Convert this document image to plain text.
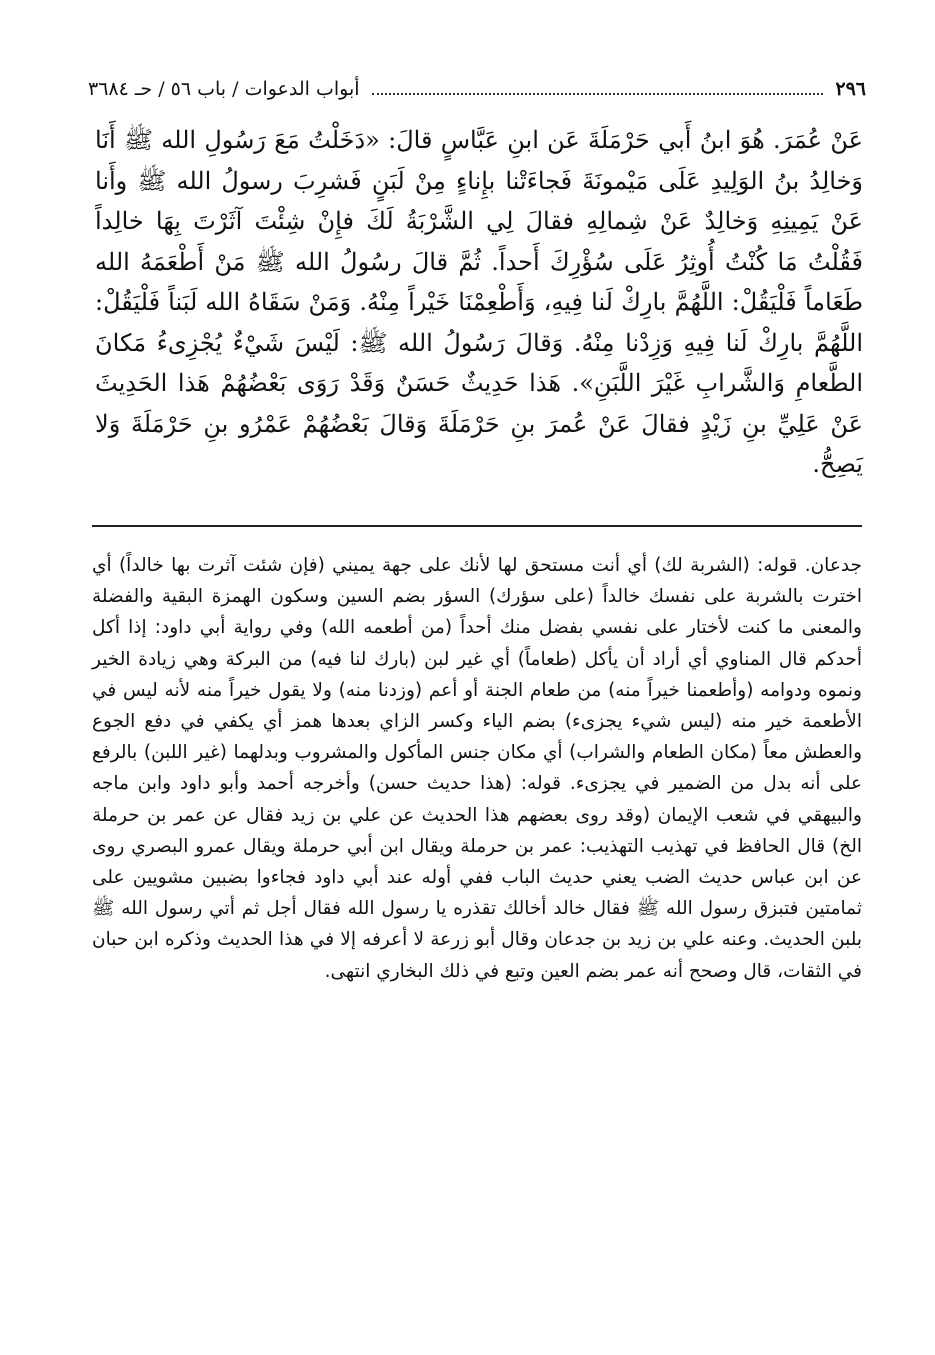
٢٩٦
أبواب الدعوات / باب ٥٦ / حـ ٣٦٨٤
عَنْ عُمَرَ. هُوَ ابنُ أَبي حَرْمَلَةَ عَن ابنِ عَبَّاسٍ قالَ: «دَخَلْتُ مَعَ رَسُولِ الله ﷺ أَنَا وَخالِدُ بنُ الوَلِيدِ عَلَى مَيْمونَةَ فَجاءَتْنا بإِناءٍ مِنْ لَبَنٍ فَشرِبَ رسولُ الله ﷺ وأَنا عَنْ يَمِينِهِ وَخالِدٌ عَنْ شِمالِهِ فقالَ لِي الشَّرْبَةُ لَكَ فإِنْ شِئْتَ آثَرْتَ بِهَا خالِداً فَقُلْتُ مَا كُنْتُ أُوثِرُ عَلَى سُؤْرِكَ أَحداً. ثُمَّ قالَ رسُولُ الله ﷺ مَنْ أَطْعَمَهُ الله طَعَاماً فَلْيَقُلْ: اللَّهُمَّ بارِكْ لَنا فِيهِ، وَأَطْعِمْنَا خَيْراً مِنْهُ. وَمَنْ سَقَاهُ الله لَبَناً فَلْيَقُلْ: اللَّهُمَّ بارِكْ لَنا فِيهِ وَزِدْنا مِنْهُ. وَقالَ رَسُولُ الله ﷺ: لَيْسَ شَيْءٌ يُجْزِىءُ مَكانَ الطَّعامِ وَالشَّرابِ غَيْرَ اللَّبَنِ». هَذا حَدِيثٌ حَسَنٌ وَقَدْ رَوَى بَعْضُهُمْ هَذا الحَدِيثَ عَنْ عَلِيِّ بنِ زَيْدٍ فقالَ عَنْ عُمرَ بنِ حَرْمَلَةَ وَقالَ بَعْضُهُمْ عَمْرُو بنِ حَرْمَلَةَ وَلا يَصِحُّ.
جدعان. قوله: (الشربة لك) أي أنت مستحق لها لأنك على جهة يميني (فإن شئت آثرت بها خالداً) أي اخترت بالشربة على نفسك خالداً (على سؤرك) السؤر بضم السين وسكون الهمزة البقية والفضلة والمعنى ما كنت لأختار على نفسي بفضل منك أحداً (من أطعمه الله) وفي رواية أبي داود: إذا أكل أحدكم قال المناوي أي أراد أن يأكل (طعاماً) أي غير لبن (بارك لنا فيه) من البركة وهي زيادة الخير ونموه ودوامه (وأطعمنا خيراً منه) من طعام الجنة أو أعم (وزدنا منه) ولا يقول خيراً منه لأنه ليس في الأطعمة خير منه (ليس شيء يجزىء) بضم الياء وكسر الزاي بعدها همز أي يكفي في دفع الجوع والعطش معاً (مكان الطعام والشراب) أي مكان جنس المأكول والمشروب وبدلهما (غير اللبن) بالرفع على أنه بدل من الضمير في يجزىء. قوله: (هذا حديث حسن) وأخرجه أحمد وأبو داود وابن ماجه والبيهقي في شعب الإيمان (وقد روى بعضهم هذا الحديث عن علي بن زيد فقال عن عمر بن حرملة الخ) قال الحافظ في تهذيب التهذيب: عمر بن حرملة ويقال ابن أبي حرملة ويقال عمرو البصري روى عن ابن عباس حديث الضب يعني حديث الباب ففي أوله عند أبي داود فجاءوا بضبين مشويين على ثمامتين فتبزق رسول الله ﷺ فقال خالد أخالك تقذره يا رسول الله فقال أجل ثم أتي رسول الله ﷺ بلبن الحديث. وعنه علي بن زيد بن جدعان وقال أبو زرعة لا أعرفه إلا في هذا الحديث وذكره ابن حبان في الثقات، قال وصحح أنه عمر بضم العين وتبع في ذلك البخاري انتهى.
